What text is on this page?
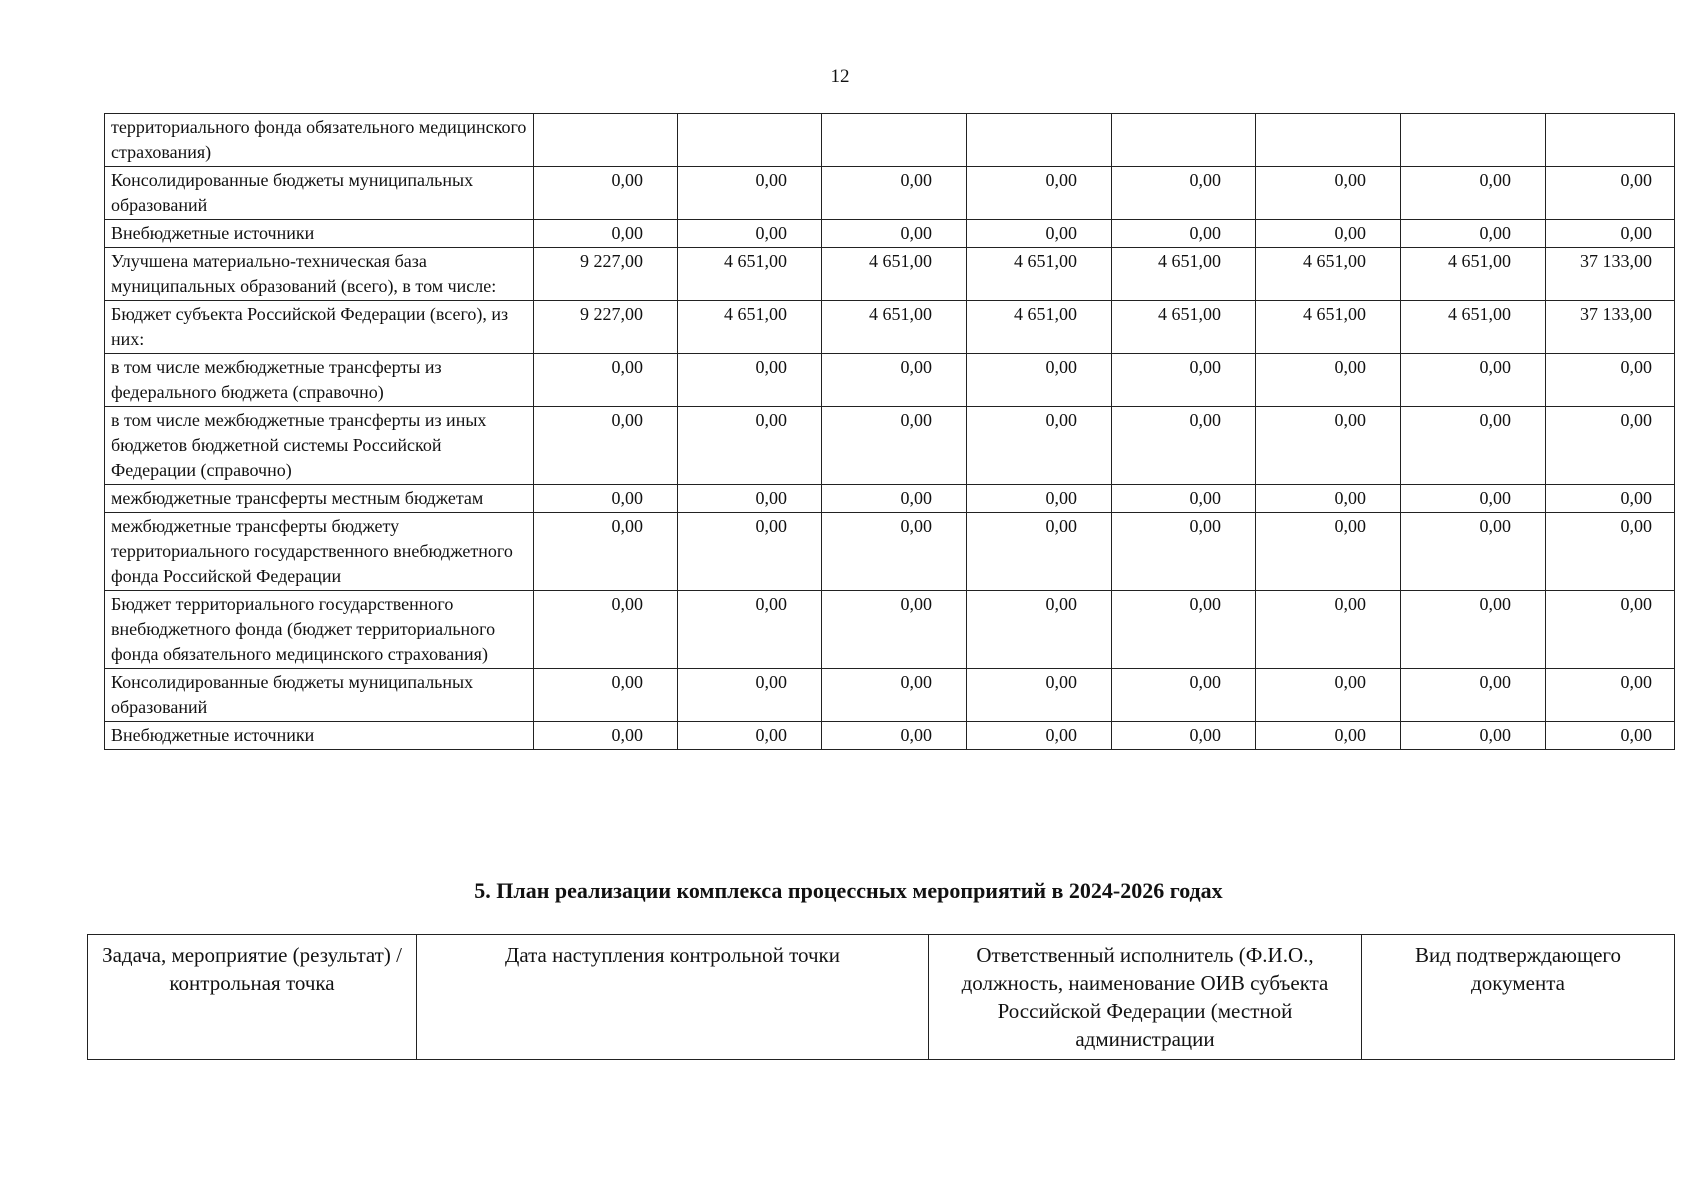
12
территориального фонда обязательного медицинского страхования)								
Консолидированные бюджеты муниципальных образований	0,00	0,00	0,00	0,00	0,00	0,00	0,00	0,00
Внебюджетные источники	0,00	0,00	0,00	0,00	0,00	0,00	0,00	0,00
Улучшена материально-техническая база муниципальных образований (всего), в том числе:	9 227,00	4 651,00	4 651,00	4 651,00	4 651,00	4 651,00	4 651,00	37 133,00
Бюджет субъекта Российской Федерации (всего), из них:	9 227,00	4 651,00	4 651,00	4 651,00	4 651,00	4 651,00	4 651,00	37 133,00
в том числе межбюджетные трансферты из федерального бюджета (справочно)	0,00	0,00	0,00	0,00	0,00	0,00	0,00	0,00
в том числе межбюджетные трансферты из иных бюджетов бюджетной системы Российской Федерации (справочно)	0,00	0,00	0,00	0,00	0,00	0,00	0,00	0,00
межбюджетные трансферты местным бюджетам	0,00	0,00	0,00	0,00	0,00	0,00	0,00	0,00
межбюджетные трансферты бюджету территориального государственного внебюджетного фонда Российской Федерации	0,00	0,00	0,00	0,00	0,00	0,00	0,00	0,00
Бюджет территориального государственного внебюджетного фонда (бюджет территориального фонда обязательного медицинского страхования)	0,00	0,00	0,00	0,00	0,00	0,00	0,00	0,00
Консолидированные бюджеты муниципальных образований	0,00	0,00	0,00	0,00	0,00	0,00	0,00	0,00
Внебюджетные источники	0,00	0,00	0,00	0,00	0,00	0,00	0,00	0,00
5. План реализации комплекса процессных мероприятий в 2024-2026 годах
Задача, мероприятие (результат) / контрольная точка	Дата наступления контрольной точки	Ответственный исполнитель (Ф.И.О., должность, наименование ОИВ субъекта Российской Федерации (местной администрации	Вид подтверждающего документа
